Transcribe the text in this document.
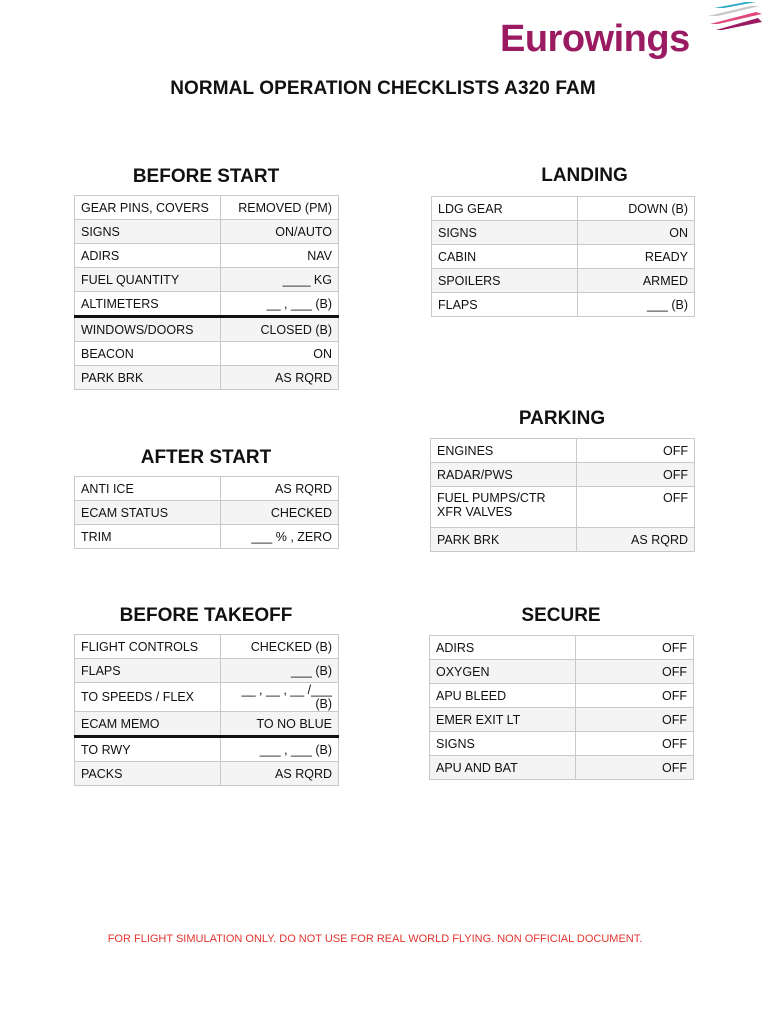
Eurowings
NORMAL OPERATION CHECKLISTS A320 FAM
BEFORE START
GEAR PINS, COVERS	REMOVED (PM)
SIGNS	ON/AUTO
ADIRS	NAV
FUEL QUANTITY	____ KG
ALTIMETERS	__ , ___ (B)
WINDOWS/DOORS	CLOSED (B)
BEACON	ON
PARK BRK	AS RQRD
AFTER START
ANTI ICE	AS RQRD
ECAM STATUS	CHECKED
TRIM	___ % , ZERO
BEFORE TAKEOFF
FLIGHT CONTROLS	CHECKED (B)
FLAPS	___ (B)
TO SPEEDS / FLEX	__ , __ , __ /___ (B)
ECAM MEMO	TO NO BLUE
TO RWY	___ , ___ (B)
PACKS	AS RQRD
LANDING
LDG GEAR	DOWN (B)
SIGNS	ON
CABIN	READY
SPOILERS	ARMED
FLAPS	___ (B)
PARKING
ENGINES	OFF
RADAR/PWS	OFF
FUEL PUMPS/CTR
XFR VALVES	OFF
PARK BRK	AS RQRD
SECURE
ADIRS	OFF
OXYGEN	OFF
APU BLEED	OFF
EMER EXIT LT	OFF
SIGNS	OFF
APU AND BAT	OFF
FOR FLIGHT SIMULATION ONLY. DO NOT USE FOR REAL WORLD FLYING. NON OFFICIAL DOCUMENT.
